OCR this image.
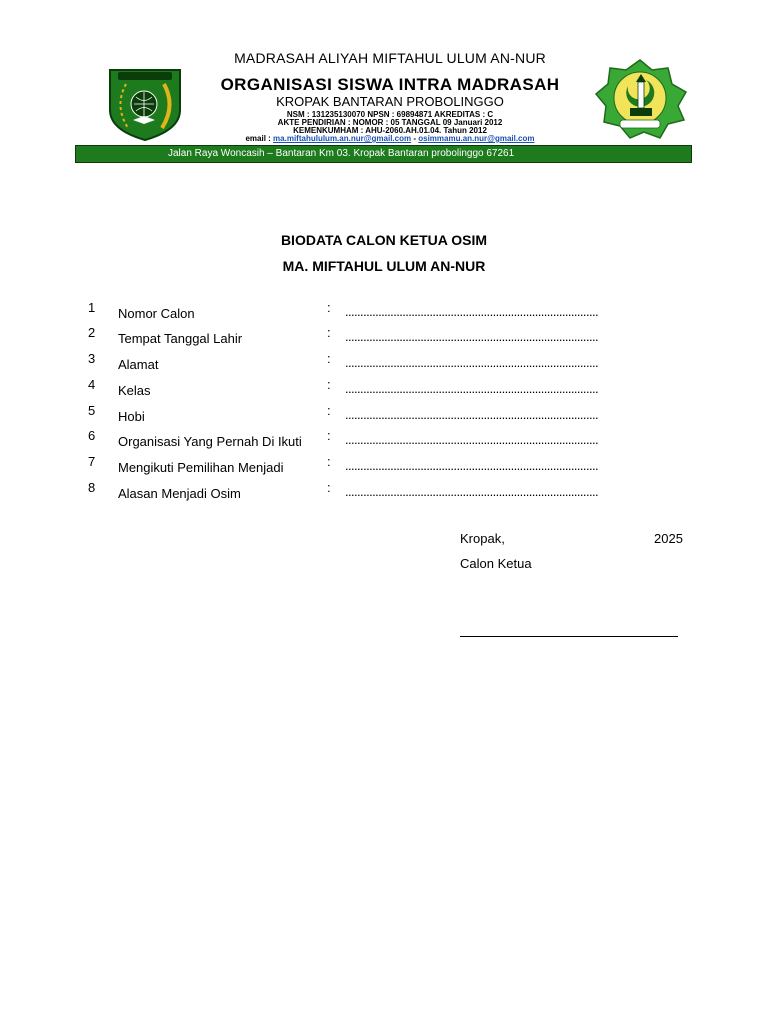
MADRASAH ALIYAH MIFTAHUL ULUM AN-NUR
ORGANISASI SISWA INTRA MADRASAH
KROPAK BANTARAN PROBOLINGGO
NSM : 131235130070 NPSN : 69894871 AKREDITAS : C
AKTE PENDIRIAN : NOMOR : 05 TANGGAL 09 Januari 2012
KEMENKUMHAM : AHU-2060.AH.01.04. Tahun 2012
email : ma.miftahululum.an.nur@gmail.com - osimmamu.an.nur@gmail.com
Jalan Raya Woncasih – Bantaran Km 03. Kropak Bantaran probolinggo 67261
BIODATA CALON KETUA OSIM
MA. MIFTAHUL ULUM AN-NUR
1 Nomor Calon	: ....................................................................................
2 Tempat Tanggal Lahir	: ....................................................................................
3 Alamat	: ....................................................................................
4 Kelas	: ....................................................................................
5 Hobi	: ....................................................................................
6 Organisasi Yang Pernah Di Ikuti : ....................................................................................
7 Mengikuti Pemilihan Menjadi	: ....................................................................................
8 Alasan Menjadi Osim	: ....................................................................................
Kropak,	2025
Calon Ketua
